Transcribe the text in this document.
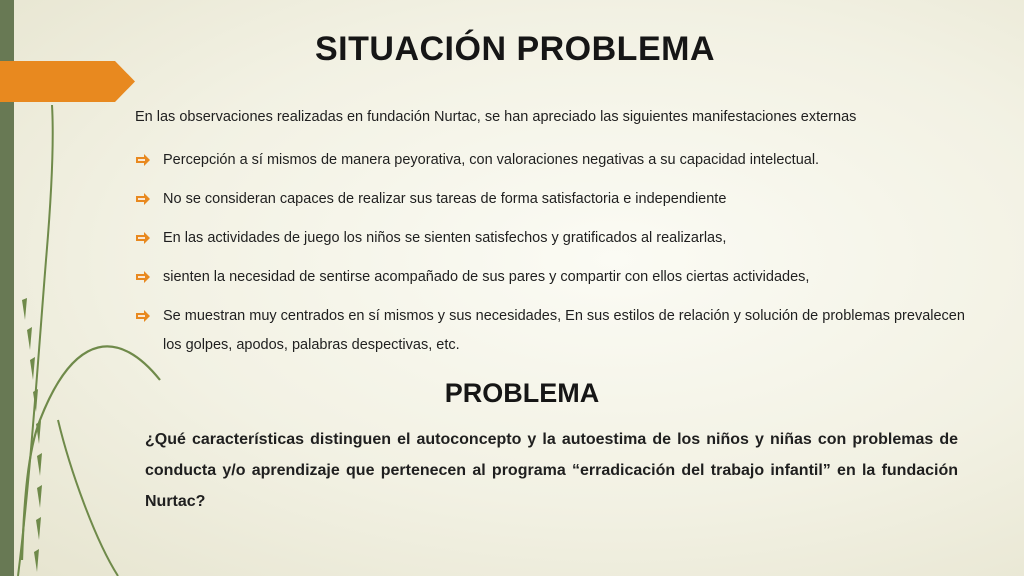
SITUACIÓN PROBLEMA
En las observaciones realizadas en fundación Nurtac, se han apreciado las siguientes manifestaciones externas
Percepción a sí mismos de manera peyorativa, con valoraciones negativas a su capacidad intelectual.
No se consideran capaces de realizar sus tareas de forma satisfactoria e independiente
En las actividades de juego los niños se sienten satisfechos y gratificados al realizarlas,
sienten la necesidad de sentirse acompañado de sus pares y compartir con ellos ciertas actividades,
Se muestran muy centrados en sí mismos y sus necesidades, En sus estilos de relación y solución de problemas prevalecen los golpes, apodos, palabras despectivas, etc.
PROBLEMA
¿Qué características distinguen el autoconcepto y la autoestima de los niños y niñas con problemas de conducta y/o aprendizaje que pertenecen al programa “erradicación del trabajo infantil” en la fundación Nurtac?
